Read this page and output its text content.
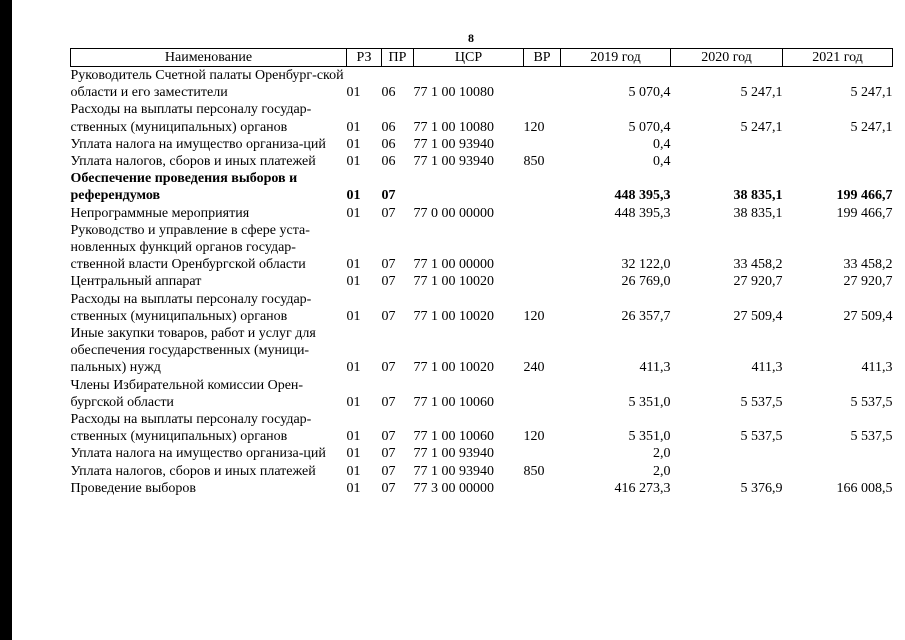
8
Наименование	РЗ	ПР	ЦСР	ВР	2019 год	2020 год	2021 год
Руководитель Счетной палаты Оренбург-ской области и его заместители	01	06	77 1 00 10080		5 070,4	5 247,1	5 247,1
Расходы на выплаты персоналу государ-ственных (муниципальных) органов	01	06	77 1 00 10080	120	5 070,4	5 247,1	5 247,1
Уплата налога на имущество организа-ций	01	06	77 1 00 93940		0,4		
Уплата налогов, сборов и иных платежей	01	06	77 1 00 93940	850	0,4		
Обеспечение проведения выборов и референдумов	01	07			448 395,3	38 835,1	199 466,7
Непрограммные мероприятия	01	07	77 0 00 00000		448 395,3	38 835,1	199 466,7
Руководство и управление в сфере уста-новленных функций органов государ-ственной власти Оренбургской области	01	07	77 1 00 00000		32 122,0	33 458,2	33 458,2
Центральный аппарат	01	07	77 1 00 10020		26 769,0	27 920,7	27 920,7
Расходы на выплаты персоналу государ-ственных (муниципальных) органов	01	07	77 1 00 10020	120	26 357,7	27 509,4	27 509,4
Иные закупки товаров, работ и услуг для обеспечения государственных (муници-пальных) нужд	01	07	77 1 00 10020	240	411,3	411,3	411,3
Члены Избирательной комиссии Орен-бургской области	01	07	77 1 00 10060		5 351,0	5 537,5	5 537,5
Расходы на выплаты персоналу государ-ственных (муниципальных) органов	01	07	77 1 00 10060	120	5 351,0	5 537,5	5 537,5
Уплата налога на имущество организа-ций	01	07	77 1 00 93940		2,0		
Уплата налогов, сборов и иных платежей	01	07	77 1 00 93940	850	2,0		
Проведение выборов	01	07	77 3 00 00000		416 273,3	5 376,9	166 008,5
